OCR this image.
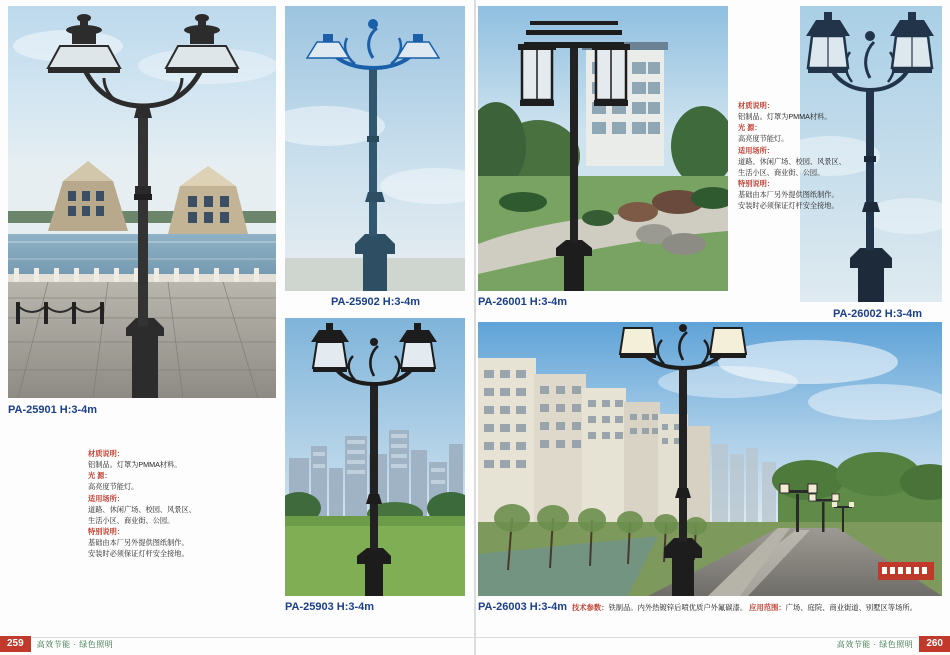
PA-25901 H:3-4m
材质说明：
铝制品。灯罩为PMMA材料。
光 源：
高亮度节能灯。
适用场所：
道路、休闲广场、校园、风景区、
生活小区、商业街、公园。
特别说明：
基础由本厂另外提供图纸制作。
安装时必须保证灯杆安全接地。
PA-25902 H:3-4m	PA-26001 H:3-4m
PA-26002 H:3-4m
材质说明：
铝制品。灯罩为PMMA材料。
光 源：
高亮度节能灯。
适用场所：
道路、休闲广场、校园、风景区、
生活小区、商业街、公园。
特别说明：
基础由本厂另外提供图纸制作。
安装时必须保证灯杆安全接地。
PA-25903 H:3-4m	PA-26003 H:3-4m 技术参数：铁制品。内外热镀锌后喷优质户外氟碳漆。 应用范围：广场、庭院、商业街道、别墅区等场所。
259	高效节能 · 绿色照明	高效节能 · 绿色照明	260
